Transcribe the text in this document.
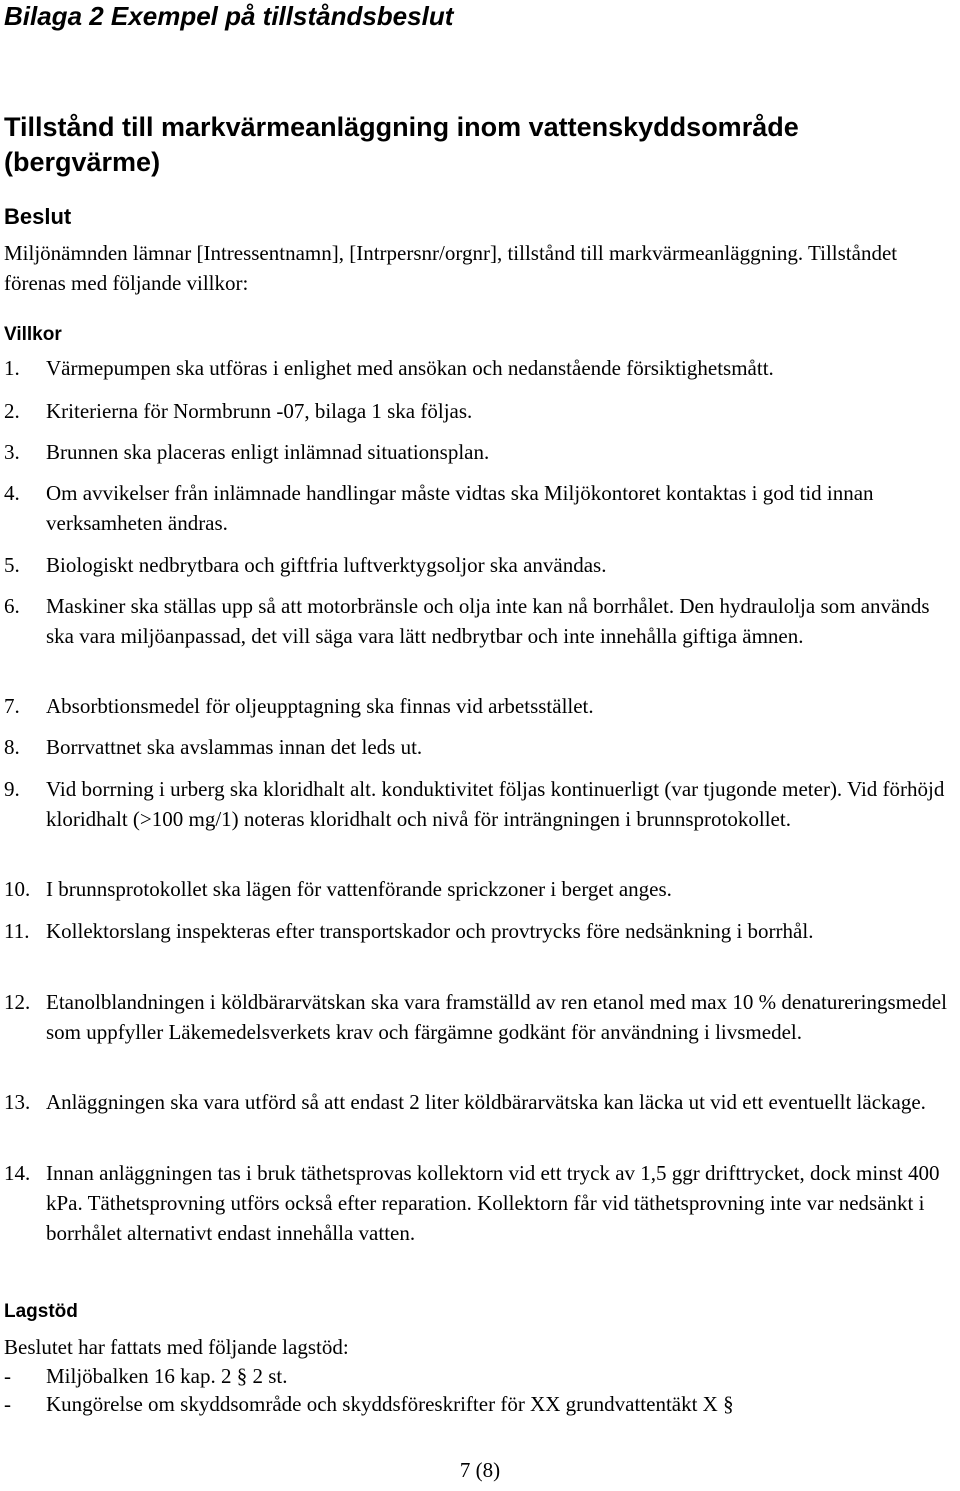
Bilaga 2 Exempel på tillståndsbeslut
Tillstånd till markvärmeanläggning inom vattenskyddsområde (bergvärme)
Beslut
Miljönämnden lämnar [Intressentnamn], [Intrpersnr/orgnr], tillstånd till markvärmeanläggning. Tillståndet förenas med följande villkor:
Villkor
1. Värmepumpen ska utföras i enlighet med ansökan och nedanstående försiktighetsmått.
2. Kriterierna för Normbrunn -07, bilaga 1 ska följas.
3. Brunnen ska placeras enligt inlämnad situationsplan.
4. Om avvikelser från inlämnade handlingar måste vidtas ska Miljökontoret kontaktas i god tid innan verksamheten ändras.
5. Biologiskt nedbrytbara och giftfria luftverktygsoljor ska användas.
6. Maskiner ska ställas upp så att motorbränsle och olja inte kan nå borrhålet. Den hydraulolja som används ska vara miljöanpassad, det vill säga vara lätt nedbrytbar och inte innehålla giftiga ämnen.
7. Absorbtionsmedel för oljeupptagning ska finnas vid arbetsstället.
8. Borrvattnet ska avslammas innan det leds ut.
9. Vid borrning i urberg ska kloridhalt alt. konduktivitet följas kontinuerligt (var tjugonde meter). Vid förhöjd kloridhalt (>100 mg/1) noteras kloridhalt och nivå för inträngningen i brunnsprotokollet.
10. I brunnsprotokollet ska lägen för vattenförande sprickzoner i berget anges.
11. Kollektorslang inspekteras efter transportskador och provtrycks före nedsänkning i borrhål.
12. Etanolblandningen i köldbärarvätskan ska vara framställd av ren etanol med max 10 % denatureringsmedel som uppfyller Läkemedelsverkets krav och färgämne godkänt för användning i livsmedel.
13. Anläggningen ska vara utförd så att endast 2 liter köldbärarvätska kan läcka ut vid ett eventuellt läckage.
14. Innan anläggningen tas i bruk täthetsprovas kollektorn vid ett tryck av 1,5 ggr drifttrycket, dock minst 400 kPa. Täthetsprovning utförs också efter reparation. Kollektorn får vid täthetsprovning inte var nedsänkt i borrhålet alternativt endast innehålla vatten.
Lagstöd
Beslutet har fattats med följande lagstöd:
- Miljöbalken 16 kap. 2 § 2 st.
- Kungörelse om skyddsområde och skyddsföreskrifter för XX grundvattentäkt X §
7 (8)
